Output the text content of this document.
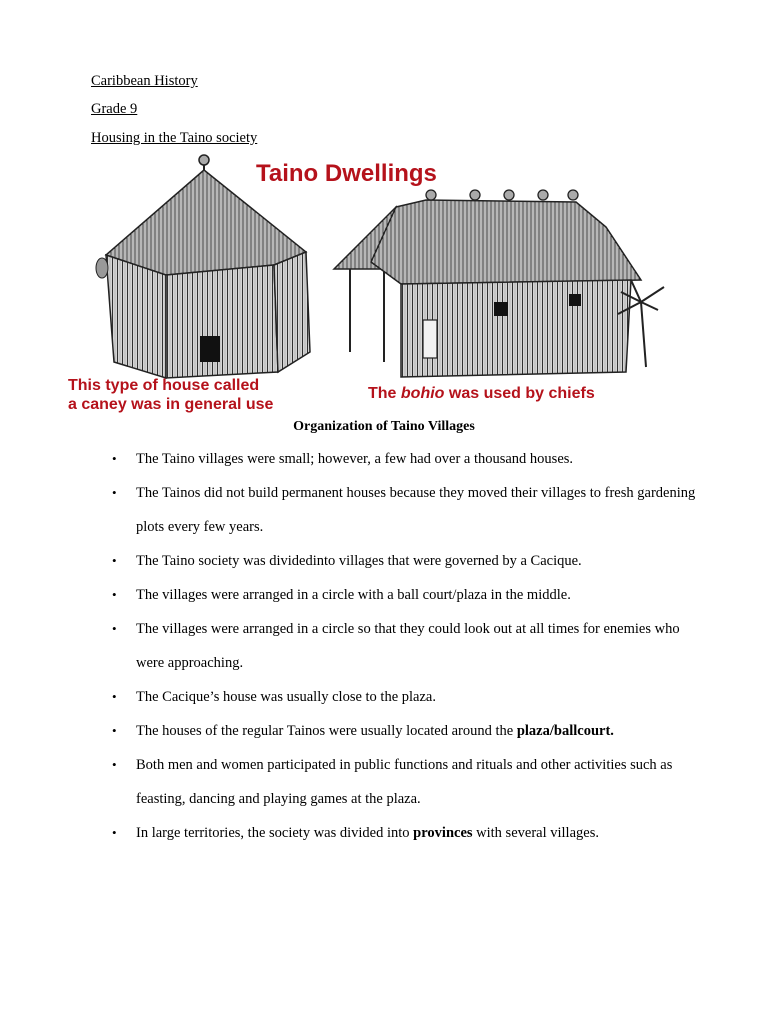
Caribbean History

Grade 9

Housing in the Taino society

Taino Dwellings
This type of house called a caney was in general use
The bohio was used by chiefs

Organization of Taino Villages

• The Taino villages were small; however, a few had over a thousand houses.
• The Tainos did not build permanent houses because they moved their villages to fresh gardening plots every few years.
• The Taino society was dividedinto villages that were governed by a Cacique.
• The villages were arranged in a circle with a ball court/plaza in the middle.
• The villages were arranged in a circle so that they could look out at all times for enemies who were approaching.
• The Cacique’s house was usually close to the plaza.
• The houses of the regular Tainos were usually located around the plaza/ballcourt.
• Both men and women participated in public functions and rituals and other activities such as feasting, dancing and playing games at the plaza.
• In large territories, the society was divided into provinces with several villages.
